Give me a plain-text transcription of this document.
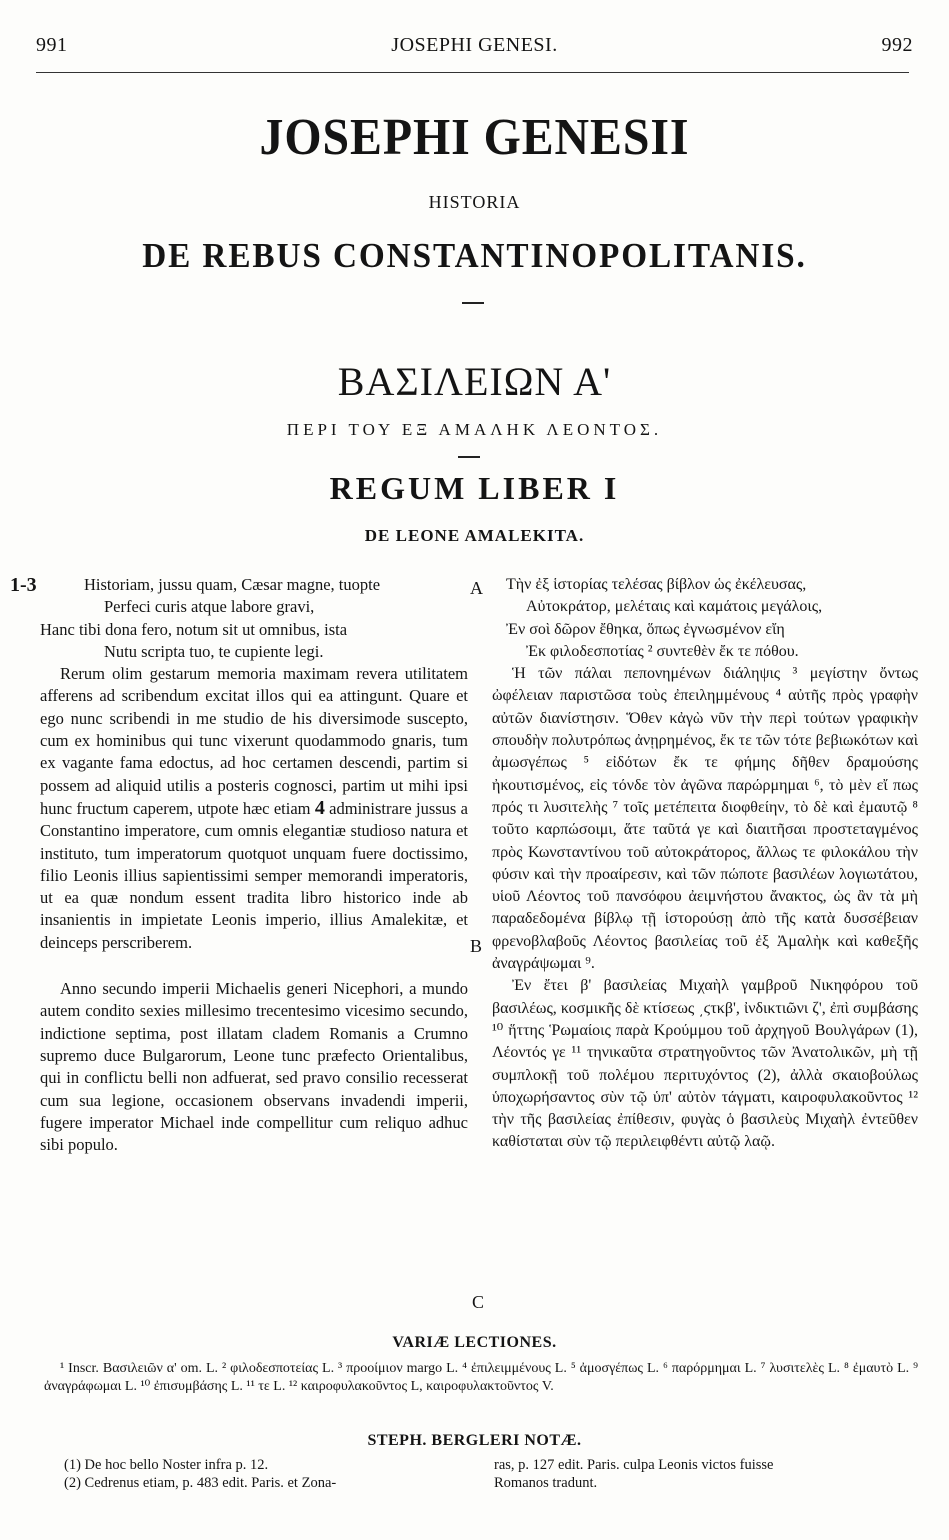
991	JOSEPHI GENESI.	992
JOSEPHI GENESII
HISTORIA
DE REBUS CONSTANTINOPOLITANIS.
ΒΑΣΙΛΕΙΩΝ Α'
ΠΕΡΙ ΤΟΥ ΕΞ ΑΜΑΛΗΚ ΛΕΟΝΤΟΣ.
REGUM LIBER I
DE LEONE AMALEKITA.
1-3	A
B
C

Historiam, jussu quam, Cæsar magne, tuopte

Perfeci curis atque labore gravi,

Hanc tibi dona fero, notum sit ut omnibus, ista

Nutu scripta tuo, te cupiente legi.

Rerum olim gestarum memoria maximam revera utilitatem afferens ad scribendum excitat illos qui ea attingunt. Quare et ego nunc scribendi in me studio de his diversimode suscepto, cum ex hominibus qui tunc vixerunt quodammodo gnaris, tum ex vagante fama edoctus, ad hoc certamen descendi, partim si possem ad aliquid utilis a posteris cognosci, partim ut mihi ipsi hunc fructum caperem, utpote hæc etiam 4 administrare jussus a Constantino imperatore, cum omnis elegantiæ studioso natura et instituto, tum imperatorum quotquot unquam fuere doctissimo, filio Leonis illius sapientissimi semper memorandi imperatoris, ut ea quæ nondum essent tradita libro historico inde ab insanientis in impietate Leonis imperio, illius Amalekitæ, et deinceps perscriberem.

Anno secundo imperii Michaelis generi Nicephori, a mundo autem condito sexies millesimo trecentesimo vicesimo secundo, indictione septima, post illatam cladem Romanis a Crumno supremo duce Bulgarorum, Leone tunc præfecto Orientalibus, qui in conflictu belli non adfuerat, sed pravo consilio recesserat cum sua legione, occasionem observans invadendi imperii, fugere imperator Michael inde compellitur cum reliquo adhuc sibi populo.

Τὴν ἐξ ἱστορίας τελέσας βίβλον ὡς ἐκέλευσας,

Αὐτοκράτορ, μελέταις καὶ καμάτοις μεγάλοις,

Ἐν σοὶ δῶρον ἔθηκα, ὅπως ἐγνωσμένον εἴη

Ἐκ φιλοδεσποτίας ² συντεθὲν ἔκ τε πόθου.

Ἡ τῶν πάλαι πεπονημένων διάληψις ³ μεγίστην ὄντως ὠφέλειαν παριστῶσα τοὺς ἐπειλημμένους ⁴ αὐτῆς πρὸς γραφὴν αὐτῶν διανίστησιν. Ὅθεν κἀγὼ νῦν τὴν περὶ τούτων γραφικὴν σπουδὴν πολυτρόπως ἀνῃρημένος, ἔκ τε τῶν τότε βεβιωκότων καὶ ἀμωσγέπως ⁵ εἰδότων ἔκ τε φήμης δῆθεν δραμούσης ἠκουτισμένος, εἰς τόνδε τὸν ἀγῶνα παρώρμημαι ⁶, τὸ μὲν εἴ πως πρός τι λυσιτελὴς ⁷ τοῖς μετέπειτα διοφθείην, τὸ δὲ καὶ ἐμαυτῷ ⁸ τοῦτο καρπώσοιμι, ἅτε ταῦτά γε καὶ διαιτῆσαι προστεταγμένος πρὸς Κωνσταντίνου τοῦ αὐτοκράτορος, ἄλλως τε φιλοκάλου τὴν φύσιν καὶ τὴν προαίρεσιν, καὶ τῶν πώποτε βασιλέων λογιωτάτου, υἱοῦ Λέοντος τοῦ πανσόφου ἀειμνήστου ἄνακτος, ὡς ἂν τὰ μὴ παραδεδομένα βίβλῳ τῇ ἱστορούσῃ ἀπὸ τῆς κατὰ δυσσέβειαν φρενοβλαβοῦς Λέοντος βασιλείας τοῦ ἐξ Ἀμαλὴκ καὶ καθεξῆς ἀναγράψωμαι ⁹.

Ἐν ἔτει β' βασιλείας Μιχαὴλ γαμβροῦ Νικηφόρου τοῦ βασιλέως, κοσμικῆς δὲ κτίσεως ͵ϛτκβ', ἰνδικτιῶνι ζ', ἐπὶ συμβάσης ¹⁰ ἥττης Ῥωμαίοις παρὰ Κρούμμου τοῦ ἀρχηγοῦ Βουλγάρων (1), Λέοντός γε ¹¹ τηνικαῦτα στρατηγοῦντος τῶν Ἀνατολικῶν, μὴ τῇ συμπλοκῇ τοῦ πολέμου περιτυχόντος (2), ἀλλὰ σκαιοβούλως ὑποχωρήσαντος σὺν τῷ ὑπ' αὐτὸν τάγματι, καιροφυλακοῦντος ¹² τὴν τῆς βασιλείας ἐπίθεσιν, φυγὰς ὁ βασιλεὺς Μιχαὴλ ἐντεῦθεν καθίσταται σὺν τῷ περιλειφθέντι αὐτῷ λαῷ.

VARIÆ LECTIONES.
¹ Inscr. Βασιλειῶν α' om. L. ² φιλοδεσποτείας L. ³ προοίμιον margo L. ⁴ ἐπιλειμμένους L. ⁵ ἀμοσγέπως L. ⁶ παρόρμημαι L. ⁷ λυσιτελὲς L. ⁸ ἐμαυτὸ L. ⁹ ἀναγράφωμαι L. ¹⁰ ἐπισυμβάσης L. ¹¹ τε L. ¹² καιροφυλακοῦντος L, καιροφυλακτοῦντος V.
STEPH. BERGLERI NOTÆ.
(1) De hoc bello Noster infra p. 12.
(2) Cedrenus etiam, p. 483 edit. Paris. et Zona-
ras, p. 127 edit. Paris. culpa Leonis victos fuisse
Romanos tradunt.
